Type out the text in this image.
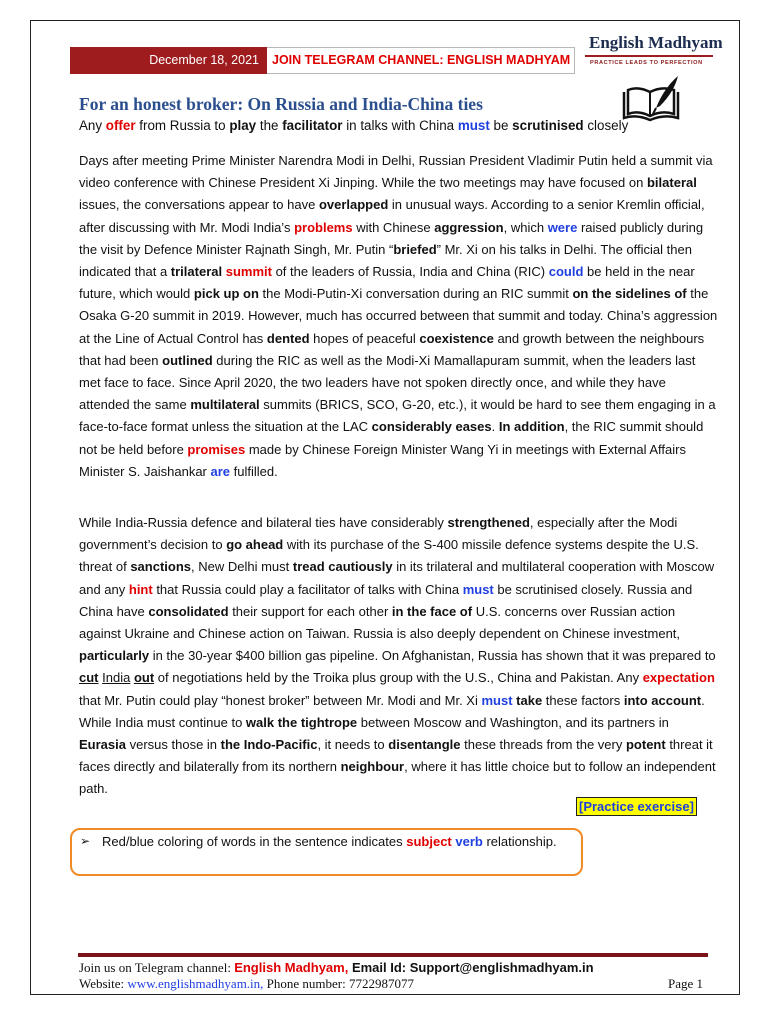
December 18, 2021	JOIN TELEGRAM CHANNEL: ENGLISH MADHYAM
English Madhyam
PRACTICE LEADS TO PERFECTION
For an honest broker: On Russia and India-China ties

Any offer from Russia to play the facilitator in talks with China must be scrutinised closely

Days after meeting Prime Minister Narendra Modi in Delhi, Russian President Vladimir Putin held a summit via video conference with Chinese President Xi Jinping. While the two meetings may have focused on bilateral issues, the conversations appear to have overlapped in unusual ways. According to a senior Kremlin official, after discussing with Mr. Modi India’s problems with Chinese aggression, which were raised publicly during the visit by Defence Minister Rajnath Singh, Mr. Putin “briefed” Mr. Xi on his talks in Delhi. The official then indicated that a trilateral summit of the leaders of Russia, India and China (RIC) could be held in the near future, which would pick up on the Modi-Putin-Xi conversation during an RIC summit on the sidelines of the Osaka G-20 summit in 2019. However, much has occurred between that summit and today. China’s aggression at the Line of Actual Control has dented hopes of peaceful coexistence and growth between the neighbours that had been outlined during the RIC as well as the Modi-Xi Mamallapuram summit, when the leaders last met face to face. Since April 2020, the two leaders have not spoken directly once, and while they have attended the same multilateral summits (BRICS, SCO, G-20, etc.), it would be hard to see them engaging in a face-to-face format unless the situation at the LAC considerably eases. In addition, the RIC summit should not be held before promises made by Chinese Foreign Minister Wang Yi in meetings with External Affairs Minister S. Jaishankar are fulfilled.

While India-Russia defence and bilateral ties have considerably strengthened, especially after the Modi government’s decision to go ahead with its purchase of the S-400 missile defence systems despite the U.S. threat of sanctions, New Delhi must tread cautiously in its trilateral and multilateral cooperation with Moscow and any hint that Russia could play a facilitator of talks with China must be scrutinised closely. Russia and China have consolidated their support for each other in the face of U.S. concerns over Russian action against Ukraine and Chinese action on Taiwan. Russia is also deeply dependent on Chinese investment, particularly in the 30-year $400 billion gas pipeline. On Afghanistan, Russia has shown that it was prepared to cut India out of negotiations held by the Troika plus group with the U.S., China and Pakistan. Any expectation that Mr. Putin could play “honest broker” between Mr. Modi and Mr. Xi must take these factors into account. While India must continue to walk the tightrope between Moscow and Washington, and its partners in Eurasia versus those in the Indo-Pacific, it needs to disentangle these threads from the very potent threat it faces directly and bilaterally from its northern neighbour, where it has little choice but to follow an independent path.

[Practice exercise]
➢ Red/blue coloring of words in the sentence indicates subject verb relationship.
Join us on Telegram channel: English Madhyam, Email Id: Support@englishmadhyam.in
Website: www.englishmadhyam.in, Phone number: 7722987077	Page 1
